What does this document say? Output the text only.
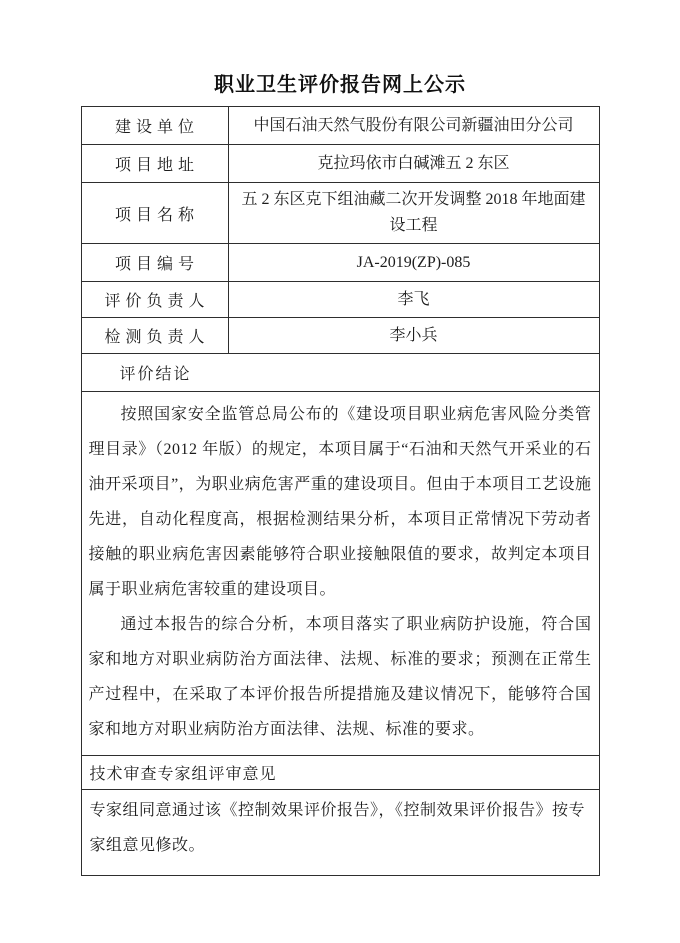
职业卫生评价报告网上公示
建设单位	中国石油天然气股份有限公司新疆油田分公司
项目地址	克拉玛依市白碱滩五 2 东区
项目名称	五 2 东区克下组油藏二次开发调整 2018 年地面建设工程
项目编号	JA-2019(ZP)-085
评价负责人	李飞
检测负责人	李小兵
评价结论	

按照国家安全监管总局公布的《建设项目职业病危害风险分类管理目录》（2012 年版）的规定，本项目属于“石油和天然气开采业的石油开采项目”，为职业病危害严重的建设项目。但由于本项目工艺设施先进，自动化程度高，根据检测结果分析，本项目正常情况下劳动者接触的职业病危害因素能够符合职业接触限值的要求，故判定本项目属于职业病危害较重的建设项目。

通过本报告的综合分析，本项目落实了职业病防护设施，符合国家和地方对职业病防治方面法律、法规、标准的要求；预测在正常生产过程中，在采取了本评价报告所提措施及建议情况下，能够符合国家和地方对职业病防治方面法律、法规、标准的要求。	

技术审查专家组评审意见	
专家组同意通过该《控制效果评价报告》，《控制效果评价报告》按专家组意见修改。	
